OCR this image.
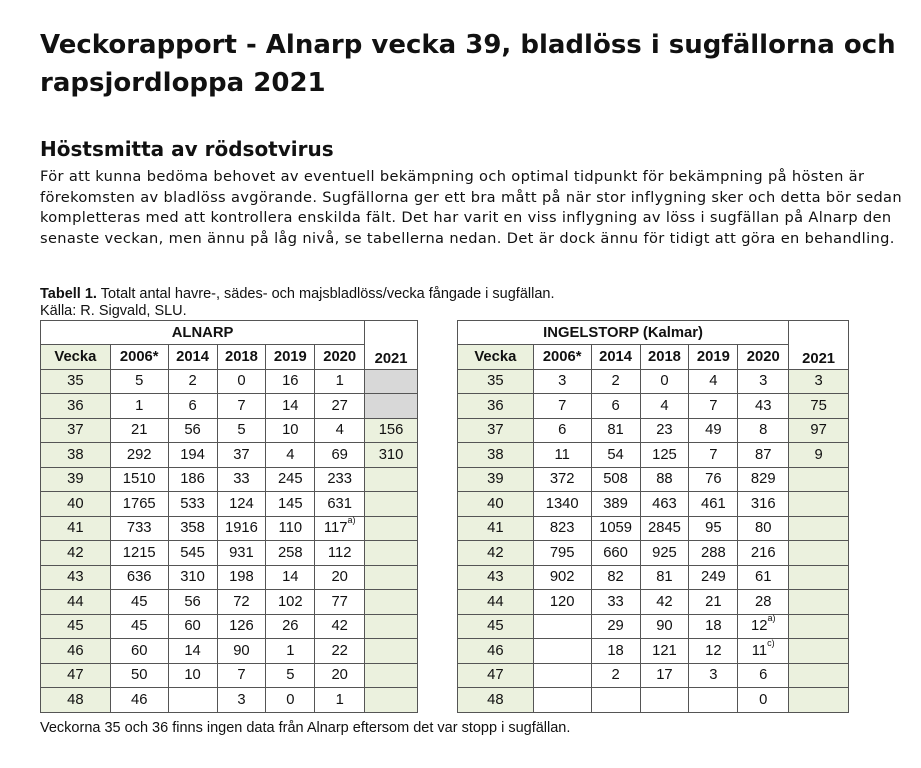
Veckorapport - Alnarp vecka 39, bladlöss i sugfällorna och rapsjordloppa 2021
Höstsmitta av rödsotvirus

För att kunna bedöma behovet av eventuell bekämpning och optimal tidpunkt för bekämpning på hösten är förekomsten av bladlöss avgörande. Sugfällorna ger ett bra mått på när stor inflygning sker och detta bör sedan kompletteras med att kontrollera enskilda fält. Det har varit en viss inflygning av löss i sugfällan på Alnarp den senaste veckan, men ännu på låg nivå, se tabellerna nedan. Det är dock ännu för tidigt att göra en behandling.

Tabell 1. Totalt antal havre-, sädes- och majsbladlöss/vecka fångade i sugfällan.
Källa: R. Sigvald, SLU.
ALNARP						2021
Vecka	2006*	2014	2018	2019	2020	
35	5	2	0	16	1	
36	1	6	7	14	27	
37	21	56	5	10	4	156
38	292	194	37	4	69	310
39	1510	186	33	245	233	
40	1765	533	124	145	631	
41	733	358	1916	110	117$^{a)}$	
42	1215	545	931	258	112	
43	636	310	198	14	20	
44	45	56	72	102	77	
45	45	60	126	26	42	
46	60	14	90	1	22	
47	50	10	7	5	20	
48	46		3	0	1	
INGELSTORP (Kalmar)						2021
Vecka	2006*	2014	2018	2019	2020	
35	3	2	0	4	3	3
36	7	6	4	7	43	75
37	6	81	23	49	8	97
38	11	54	125	7	87	9
39	372	508	88	76	829	
40	1340	389	463	461	316	
41	823	1059	2845	95	80	
42	795	660	925	288	216	
43	902	82	81	249	61	
44	120	33	42	21	28	
45		29	90	18	12$^{a)}$	
46		18	121	12	11$^{c)}$	
47		2	17	3	6	
48					0	
Veckorna 35 och 36 finns ingen data från Alnarp eftersom det var stopp i sugfällan.
